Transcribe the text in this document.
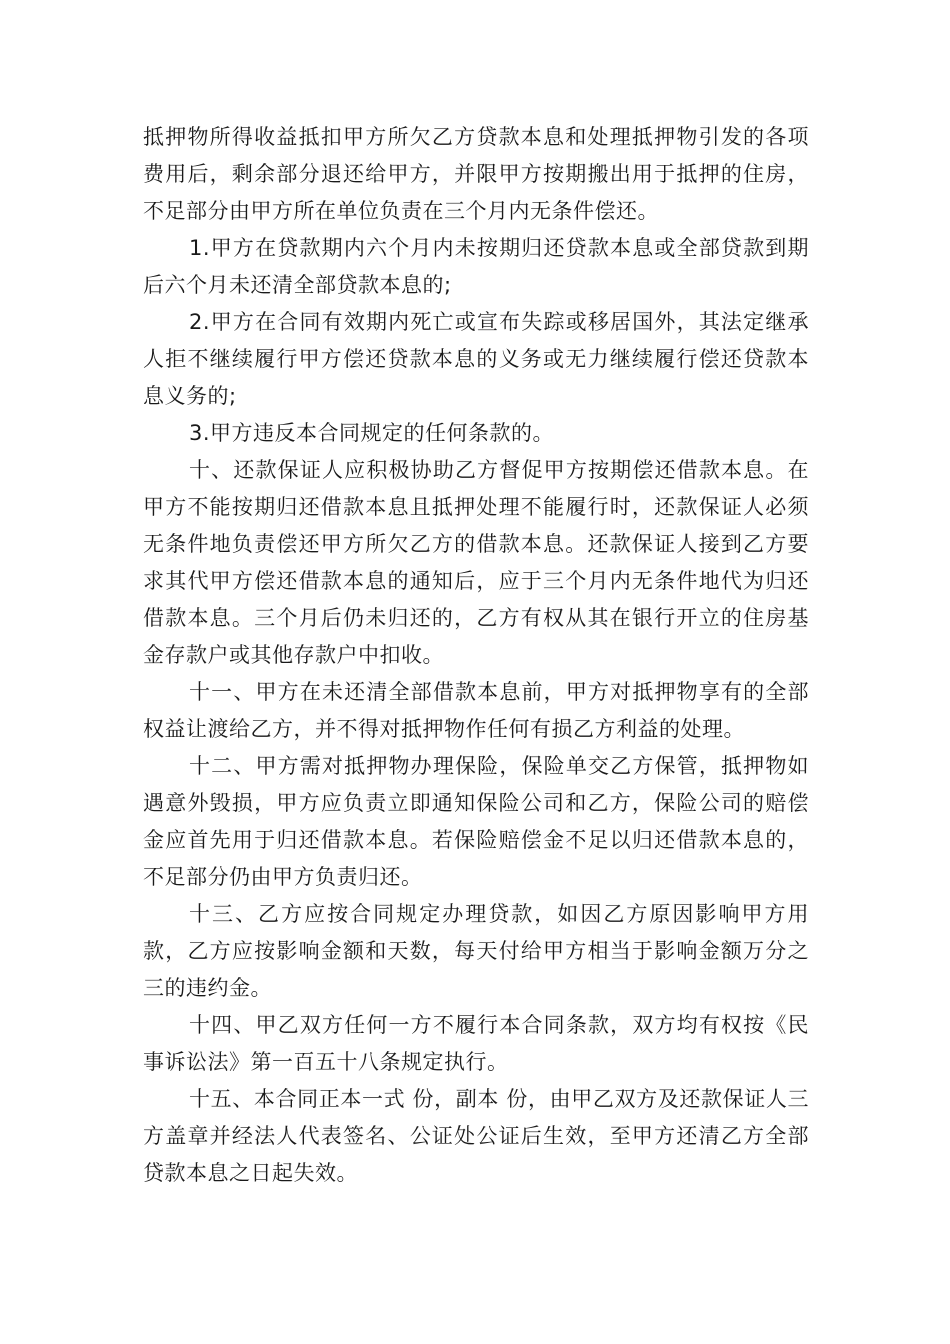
抵押物所得收益抵扣甲方所欠乙方贷款本息和处理抵押物引发的各项费用后，剩余部分退还给甲方，并限甲方按期搬出用于抵押的住房，不足部分由甲方所在单位负责在三个月内无条件偿还。

1.甲方在贷款期内六个月内未按期归还贷款本息或全部贷款到期后六个月未还清全部贷款本息的;

2.甲方在合同有效期内死亡或宣布失踪或移居国外，其法定继承人拒不继续履行甲方偿还贷款本息的义务或无力继续履行偿还贷款本息义务的;

3.甲方违反本合同规定的任何条款的。

十、还款保证人应积极协助乙方督促甲方按期偿还借款本息。在甲方不能按期归还借款本息且抵押处理不能履行时，还款保证人必须无条件地负责偿还甲方所欠乙方的借款本息。还款保证人接到乙方要求其代甲方偿还借款本息的通知后，应于三个月内无条件地代为归还借款本息。三个月后仍未归还的，乙方有权从其在银行开立的住房基金存款户或其他存款户中扣收。

十一、甲方在未还清全部借款本息前，甲方对抵押物享有的全部权益让渡给乙方，并不得对抵押物作任何有损乙方利益的处理。

十二、甲方需对抵押物办理保险，保险单交乙方保管，抵押物如遇意外毁损，甲方应负责立即通知保险公司和乙方，保险公司的赔偿金应首先用于归还借款本息。若保险赔偿金不足以归还借款本息的，不足部分仍由甲方负责归还。

十三、乙方应按合同规定办理贷款，如因乙方原因影响甲方用款，乙方应按影响金额和天数，每天付给甲方相当于影响金额万分之三的违约金。

十四、甲乙双方任何一方不履行本合同条款，双方均有权按《民事诉讼法》第一百五十八条规定执行。

十五、本合同正本一式 份，副本 份，由甲乙双方及还款保证人三方盖章并经法人代表签名、公证处公证后生效，至甲方还清乙方全部贷款本息之日起失效。
